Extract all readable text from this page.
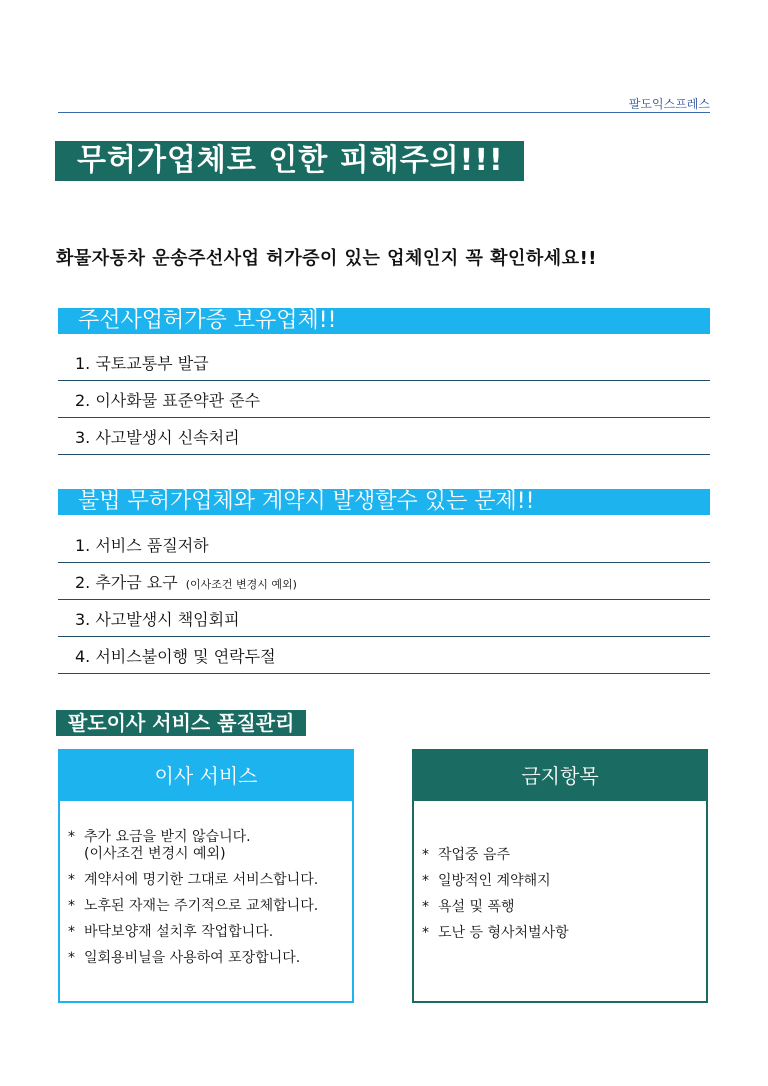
팔도익스프레스
무허가업체로 인한 피해주의!!!
화물자동차 운송주선사업 허가증이 있는 업체인지 꼭 확인하세요!!
주선사업허가증 보유업체!!
1. 국토교통부 발급
2. 이사화물 표준약관 준수
3. 사고발생시 신속처리
불법 무허가업체와 계약시 발생할수 있는 문제!!
1. 서비스 품질저하
2. 추가금 요구 (이사조건 변경시 예외)
3. 사고발생시 책임회피
4. 서비스불이행 및 연락두절
팔도이사 서비스 품질관리
이사 서비스
* 추가 요금을 받지 않습니다.
(이사조건 변경시 예외)
* 계약서에 명기한 그대로 서비스합니다.
* 노후된 자재는 주기적으로 교체합니다.
* 바닥보양재 설치후 작업합니다.
* 일회용비닐을 사용하여 포장합니다.
금지항목
* 작업중 음주
* 일방적인 계약해지
* 욕설 및 폭행
* 도난 등 형사처벌사항
